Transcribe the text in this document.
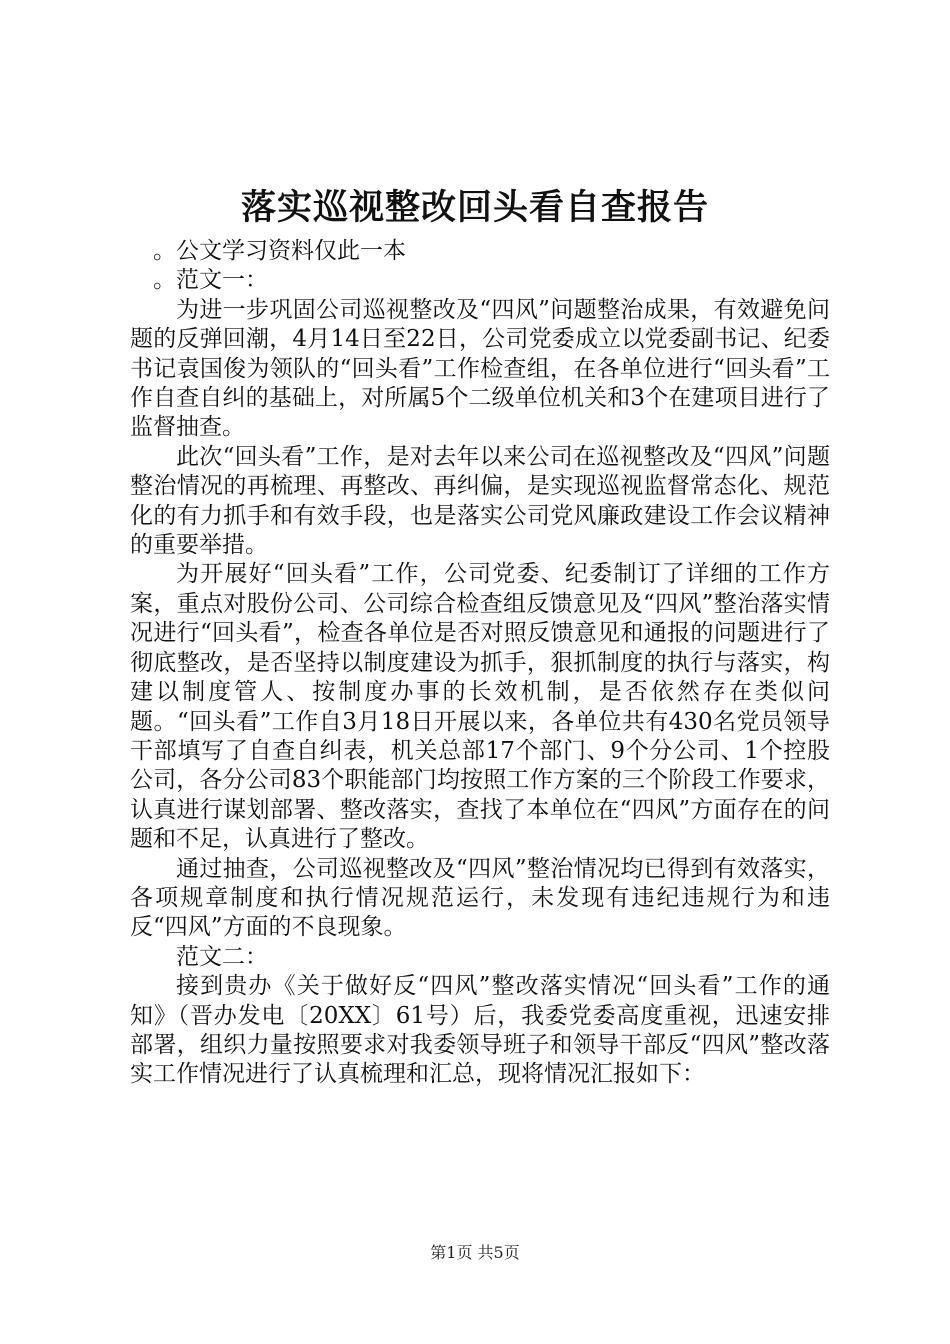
落实巡视整改回头看自查报告

。公文学习资料仅此一本

。范文一：

为进一步巩固公司巡视整改及“四风”问题整治成果，有效避免问题的反弹回潮，4月14日至22日，公司党委成立以党委副书记、纪委书记袁国俊为领队的“回头看”工作检查组，在各单位进行“回头看”工作自查自纠的基础上，对所属5个二级单位机关和3个在建项目进行了监督抽查。

此次“回头看”工作，是对去年以来公司在巡视整改及“四风”问题整治情况的再梳理、再整改、再纠偏，是实现巡视监督常态化、规范化的有力抓手和有效手段，也是落实公司党风廉政建设工作会议精神的重要举措。

为开展好“回头看”工作，公司党委、纪委制订了详细的工作方案，重点对股份公司、公司综合检查组反馈意见及“四风”整治落实情况进行“回头看”，检查各单位是否对照反馈意见和通报的问题进行了彻底整改，是否坚持以制度建设为抓手，狠抓制度的执行与落实，构建以制度管人、按制度办事的长效机制，是否依然存在类似问题。“回头看”工作自3月18日开展以来，各单位共有430名党员领导干部填写了自查自纠表，机关总部17个部门、9个分公司、1个控股公司，各分公司83个职能部门均按照工作方案的三个阶段工作要求，认真进行谋划部署、整改落实，查找了本单位在“四风”方面存在的问题和不足，认真进行了整改。

通过抽查，公司巡视整改及“四风”整治情况均已得到有效落实，各项规章制度和执行情况规范运行，未发现有违纪违规行为和违反“四风”方面的不良现象。

范文二：

接到贵办《关于做好反“四风”整改落实情况“回头看”工作的通知》（晋办发电〔20XX〕61号）后，我委党委高度重视，迅速安排部署，组织力量按照要求对我委领导班子和领导干部反“四风”整改落实工作情况进行了认真梳理和汇总，现将情况汇报如下：

第1页 共5页
